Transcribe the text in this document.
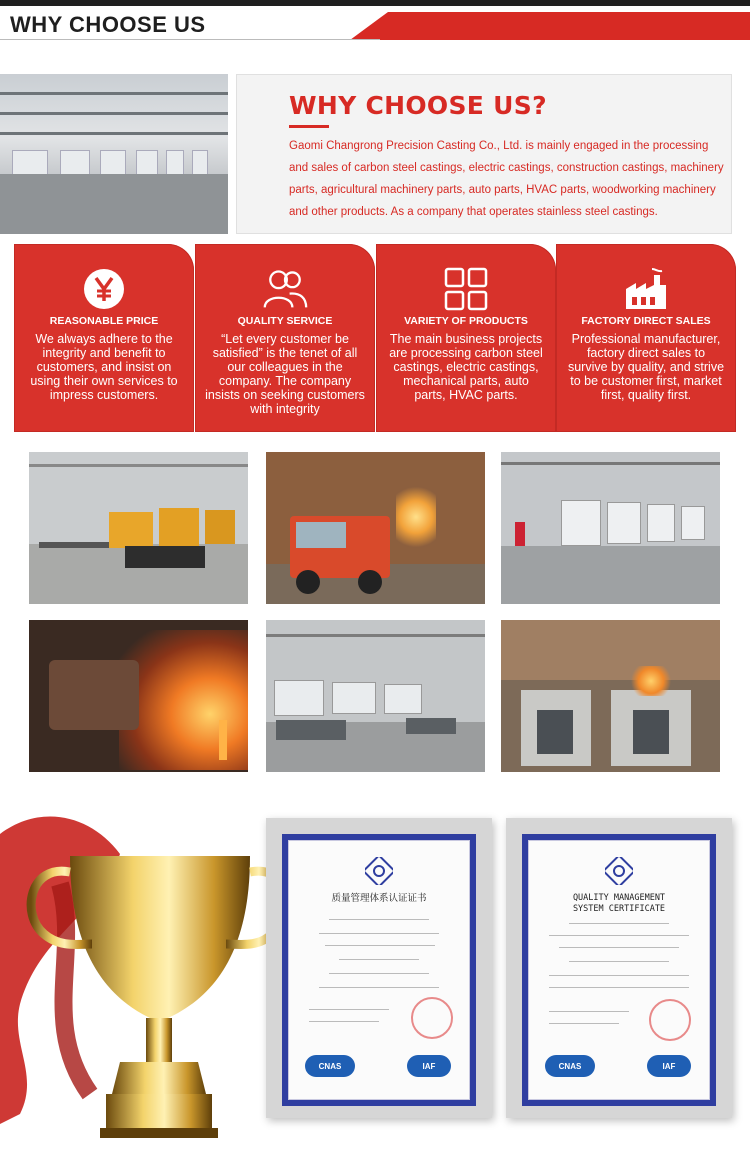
WHY CHOOSE US
WHY CHOOSE US?
Gaomi Changrong Precision Casting Co., Ltd. is mainly engaged in the processing and sales of carbon steel castings, electric castings, construction castings, machinery parts, agricultural machinery parts, auto parts, HVAC parts, woodworking machinery and other products. As a company that operates stainless steel castings.
REASONABLE PRICE
We always adhere to the integrity and benefit to customers, and insist on using their own services to impress customers.
QUALITY SERVICE
“Let every customer be satisfied” is the tenet of all our colleagues in the company. The company insists on seeking customers with integrity
VARIETY OF PRODUCTS
The main business projects are processing carbon steel castings, electric castings, mechanical parts, auto parts, HVAC parts.
FACTORY DIRECT SALES
Professional manufacturer, factory direct sales to survive by quality, and strive to be customer first, market first, quality first.
质量管理体系认证证书
CNAS	IAF
QUALITY MANAGEMENT SYSTEM CERTIFICATE
CNAS	IAF
